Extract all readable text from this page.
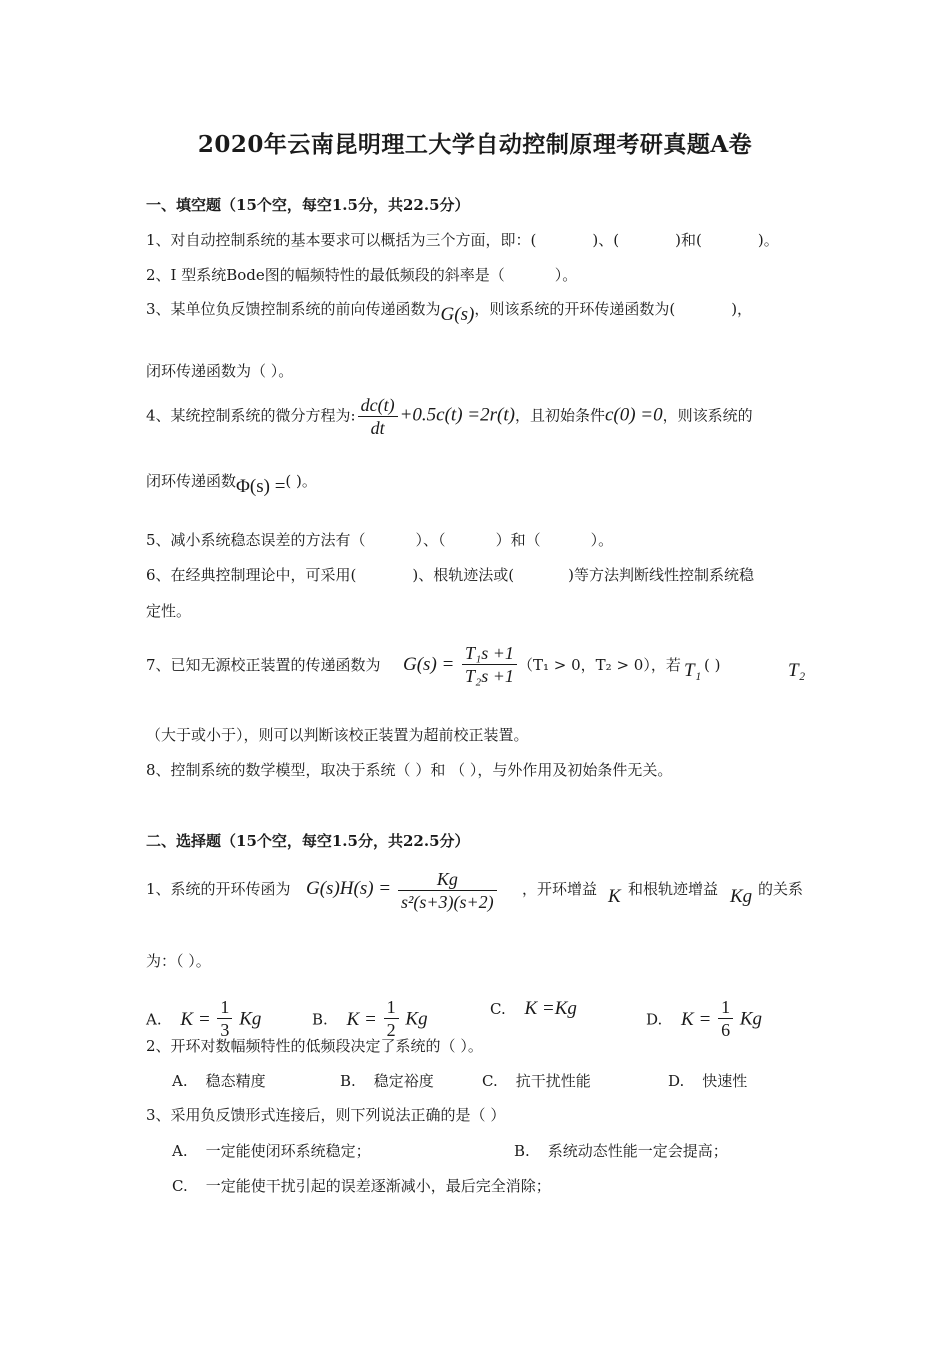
2020年云南昆明理工大学自动控制原理考研真题A卷
一、填空题（15个空，每空1.5分，共22.5分）
1、对自动控制系统的基本要求可以概括为三个方面，即：(	)、(	)和(	)。
2、I 型系统Bode图的幅频特性的最低频段的斜率是（	）。
3、某单位负反馈控制系统的前向传递函数为G(s)，则该系统的开环传递函数为(	)，
闭环传递函数为（ ）。
4、某统控制系统的微分方程为: $\frac{dc(t)}{dt} +0.5c(t) =2r(t)$，且初始条件c(0) =0，则该系统的
闭环传递函数Φ(s) =( )。
5、减小系统稳态误差的方法有（	）、（	）和（	）。
6、在经典控制理论中，可采用(	)、根轨迹法或(	)等方法判断线性控制系统稳
定性。
7、已知无源校正装置的传递函数为 $G(s) = \frac{\text{T₁s +1}}{\text{T₂s +1}} (T_1 > 0$，T₂ > 0），若 T₁ ( )	T₂
（大于或小于），则可以判断该校正装置为超前校正装置。
8、控制系统的数学模型，取决于系统（ ）和 （ ），与外作用及初始条件无关。
二、选择题（15个空，每空1.5分，共22.5分）
1、系统的开环传函为 $G(s)H(s) = \frac{Kg}{\text{s²(s+3)(s+2)}}$ ，开环增益 K 和根轨迹增益 Kg 的关系
为：（ ）。
A. $K = \frac{1}{3}$ Kg	B. $K = \frac{1}{2}$ Kg	C. K =Kg
D. $K = \frac{1}{6}$ Kg
2、开环对数幅频特性的低频段决定了系统的（ ）。
A. 稳态精度	B. 稳定裕度	C. 抗干扰性能	D. 快速性
3、采用负反馈形式连接后，则下列说法正确的是（ ）
A. 一定能使闭环系统稳定；	B. 系统动态性能一定会提高；
C. 一定能使干扰引起的误差逐渐减小，最后完全消除；
